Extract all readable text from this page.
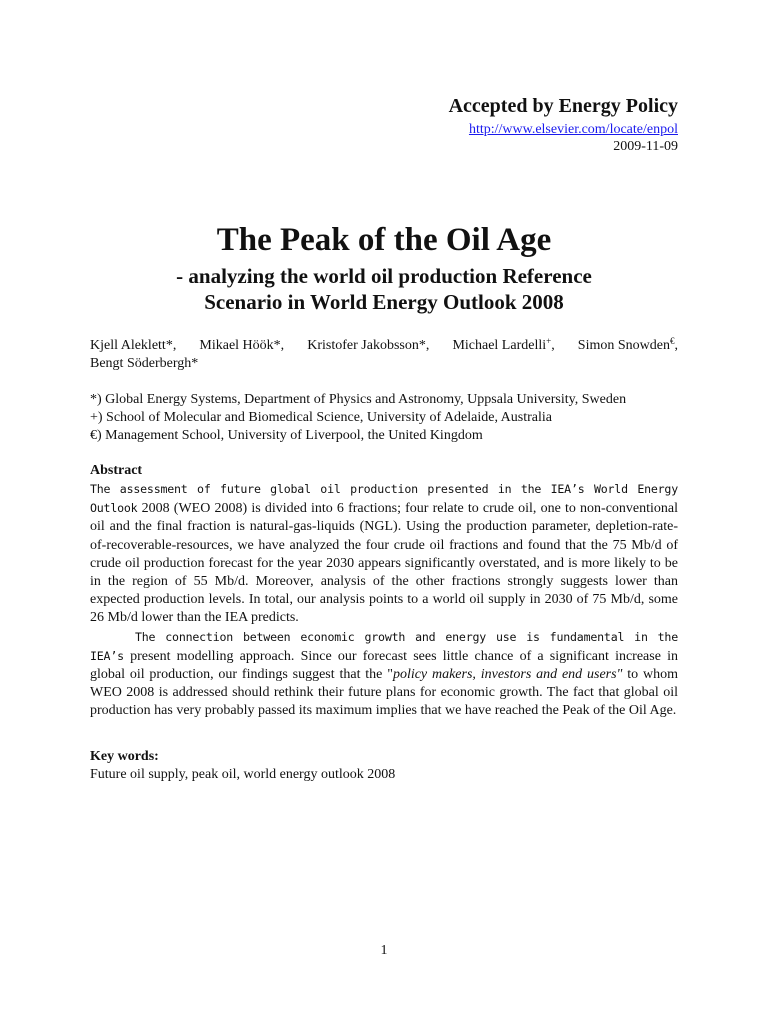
Accepted by Energy Policy
http://www.elsevier.com/locate/enpol
2009-11-09
The Peak of the Oil Age
- analyzing the world oil production Reference
Scenario in World Energy Outlook 2008
Kjell Aleklett*, Mikael Höök*, Kristofer Jakobsson*, Michael Lardelli+, Simon Snowden€,
Bengt Söderbergh*
*) Global Energy Systems, Department of Physics and Astronomy, Uppsala University, Sweden
+) School of Molecular and Biomedical Science, University of Adelaide, Australia
€) Management School, University of Liverpool, the United Kingdom
Abstract

The assessment of future global oil production presented in the IEA’s World Energy Outlook 2008 (WEO 2008) is divided into 6 fractions; four relate to crude oil, one to non-conventional oil and the final fraction is natural-gas-liquids (NGL). Using the production parameter, depletion-rate-of-recoverable-resources, we have analyzed the four crude oil fractions and found that the 75 Mb/d of crude oil production forecast for the year 2030 appears significantly overstated, and is more likely to be in the region of 55 Mb/d. Moreover, analysis of the other fractions strongly suggests lower than expected production levels. In total, our analysis points to a world oil supply in 2030 of 75 Mb/d, some 26 Mb/d lower than the IEA predicts.

The connection between economic growth and energy use is fundamental in the IEA’s present modelling approach. Since our forecast sees little chance of a significant increase in global oil production, our findings suggest that the "policy makers, investors and end users" to whom WEO 2008 is addressed should rethink their future plans for economic growth. The fact that global oil production has very probably passed its maximum implies that we have reached the Peak of the Oil Age.

Key words:
Future oil supply, peak oil, world energy outlook 2008
1
